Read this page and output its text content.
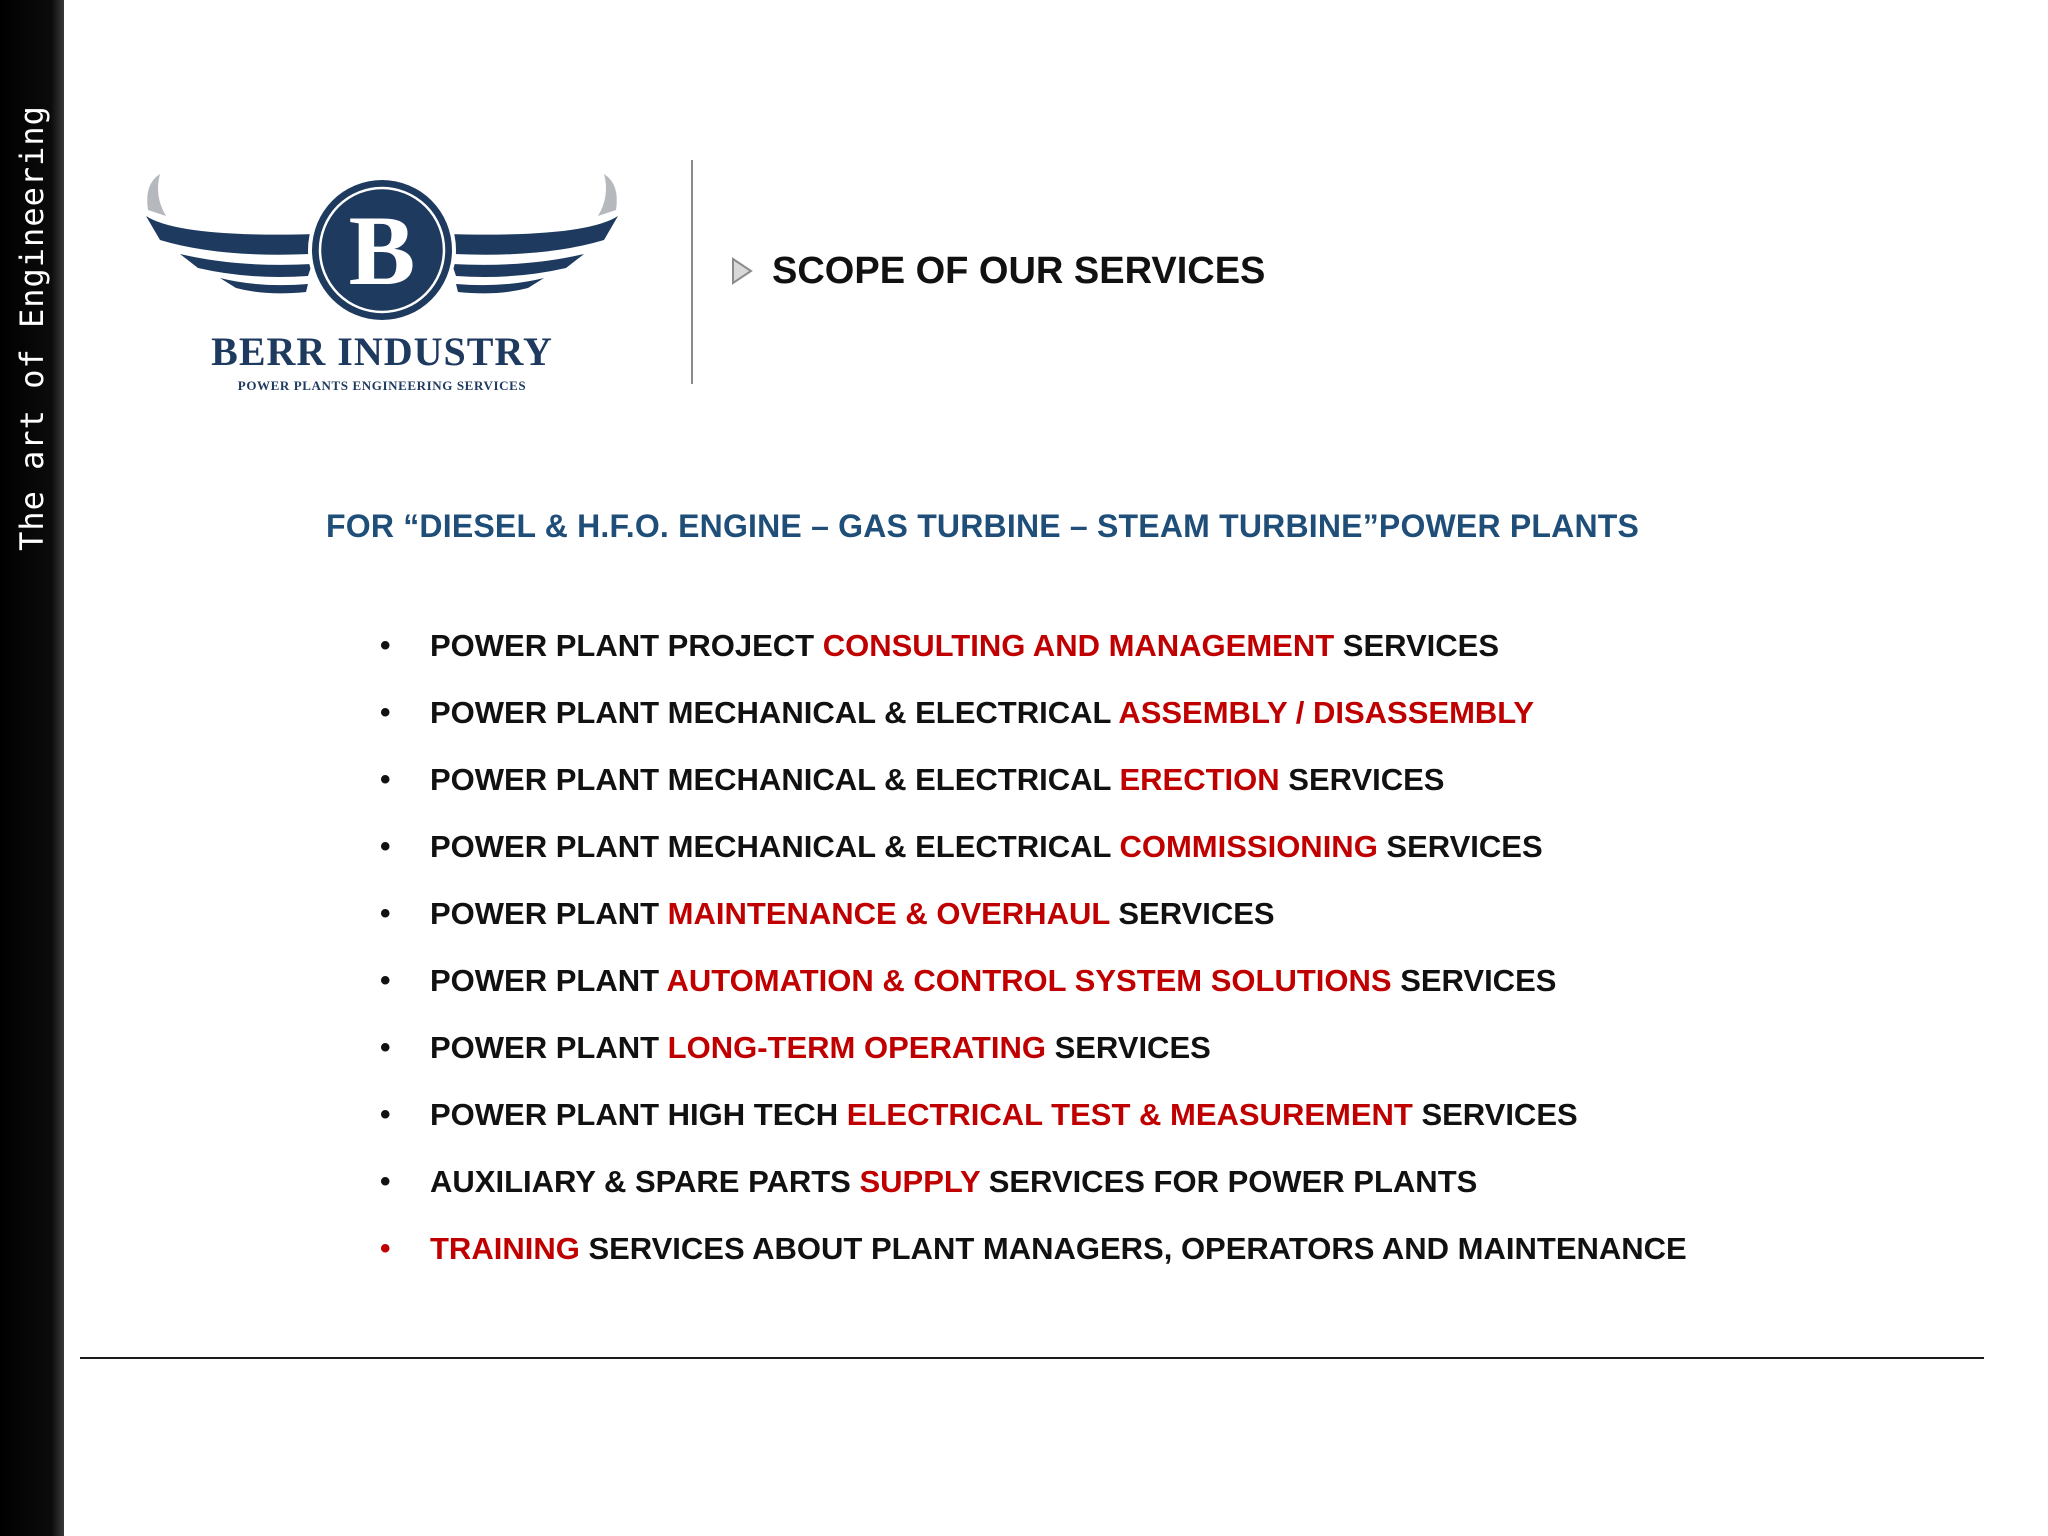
The art of Engineering	B
BERR INDUSTRY
POWER PLANTS ENGINEERING SERVICES
SCOPE OF OUR SERVICES
FOR “DIESEL & H.F.O. ENGINE – GAS TURBINE – STEAM TURBINE”POWER PLANTS
• POWER PLANT PROJECT CONSULTING AND MANAGEMENT SERVICES
• POWER PLANT MECHANICAL & ELECTRICAL ASSEMBLY / DISASSEMBLY
• POWER PLANT MECHANICAL & ELECTRICAL ERECTION SERVICES
• POWER PLANT MECHANICAL & ELECTRICAL COMMISSIONING SERVICES
• POWER PLANT MAINTENANCE & OVERHAUL SERVICES
• POWER PLANT AUTOMATION & CONTROL SYSTEM SOLUTIONS SERVICES
• POWER PLANT LONG-TERM OPERATING SERVICES
• POWER PLANT HIGH TECH ELECTRICAL TEST & MEASUREMENT SERVICES
• AUXILIARY & SPARE PARTS SUPPLY SERVICES FOR POWER PLANTS
• TRAINING SERVICES ABOUT PLANT MANAGERS, OPERATORS AND MAINTENANCE
